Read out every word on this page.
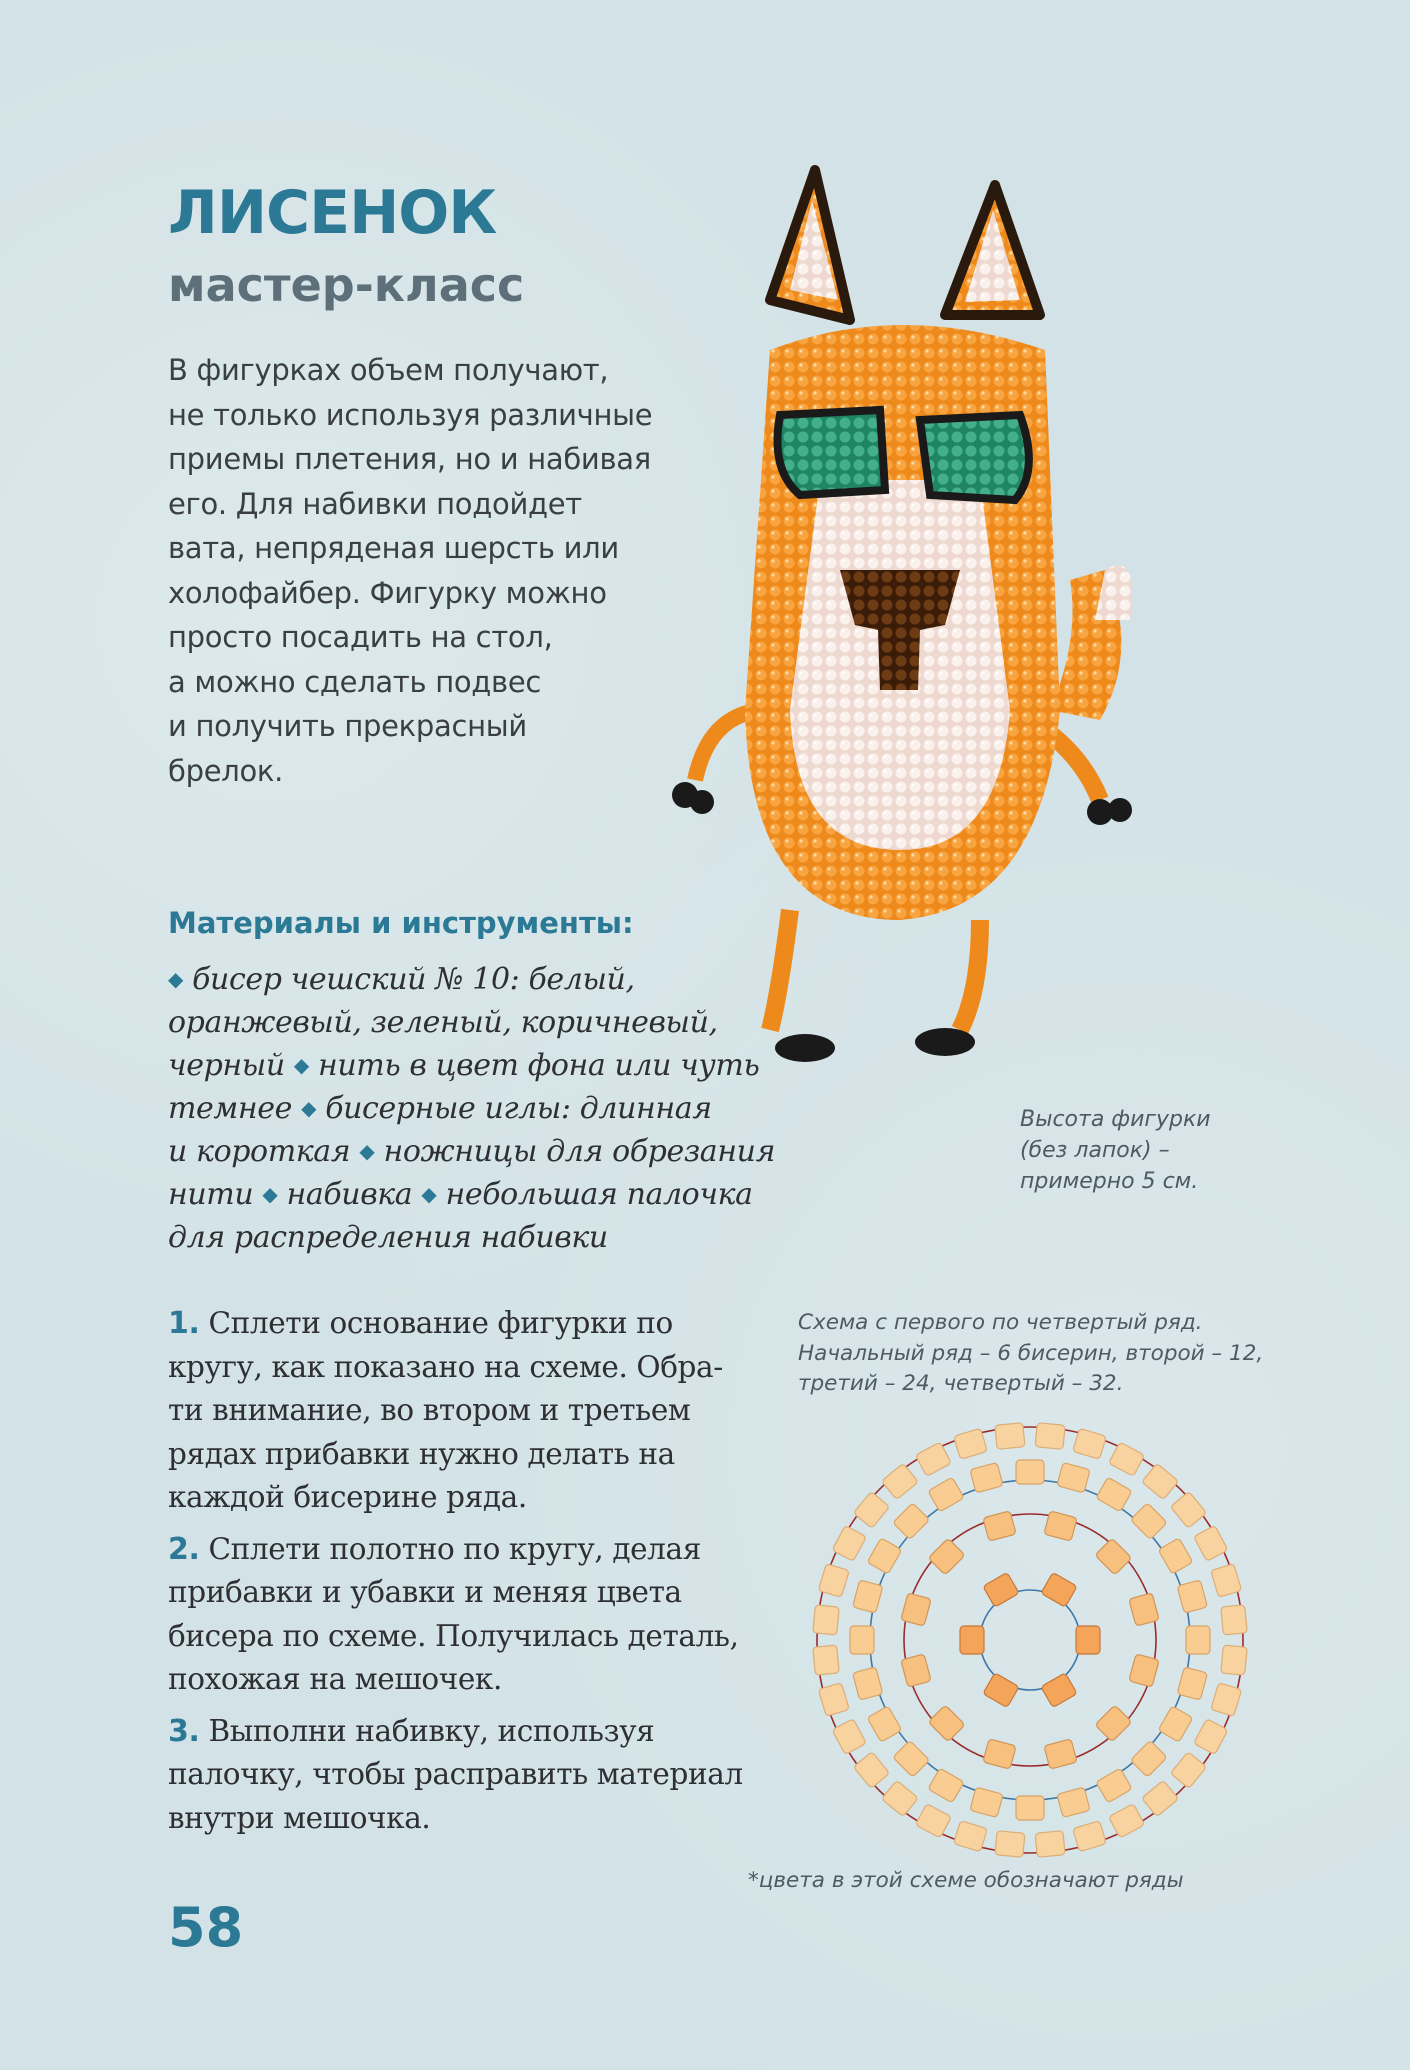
ЛИСЕНОК
мастер-класс
В фигурках объем получают,
не только используя различные
приемы плетения, но и набивая
его. Для набивки подойдет
вата, непряденая шерсть или
холофайбер. Фигурку можно
просто посадить на стол,
а можно сделать подвес
и получить прекрасный
брелок.
Высота фигурки
(без лапок) –
примерно 5 см.
Материалы и инструменты:
◆ бисер чешский № 10: белый,
оранжевый, зеленый, коричневый,
черный ◆ нить в цвет фона или чуть
темнее ◆ бисерные иглы: длинная
и короткая ◆ ножницы для обрезания
нити ◆ набивка ◆ небольшая палочка
для распределения набивки
1. Сплети основание фигурки по
кругу, как показано на схеме. Обра-
ти внимание, во втором и третьем
рядах прибавки нужно делать на
каждой бисерине ряда.
2. Сплети полотно по кругу, делая
прибавки и убавки и меняя цвета
бисера по схеме. Получилась деталь,
похожая на мешочек.
3. Выполни набивку, используя
палочку, чтобы расправить материал
внутри мешочка.
Схема с первого по четвертый ряд.
Начальный ряд – 6 бисерин, второй – 12,
третий – 24, четвертый – 32.
*цвета в этой схеме обозначают ряды
58
